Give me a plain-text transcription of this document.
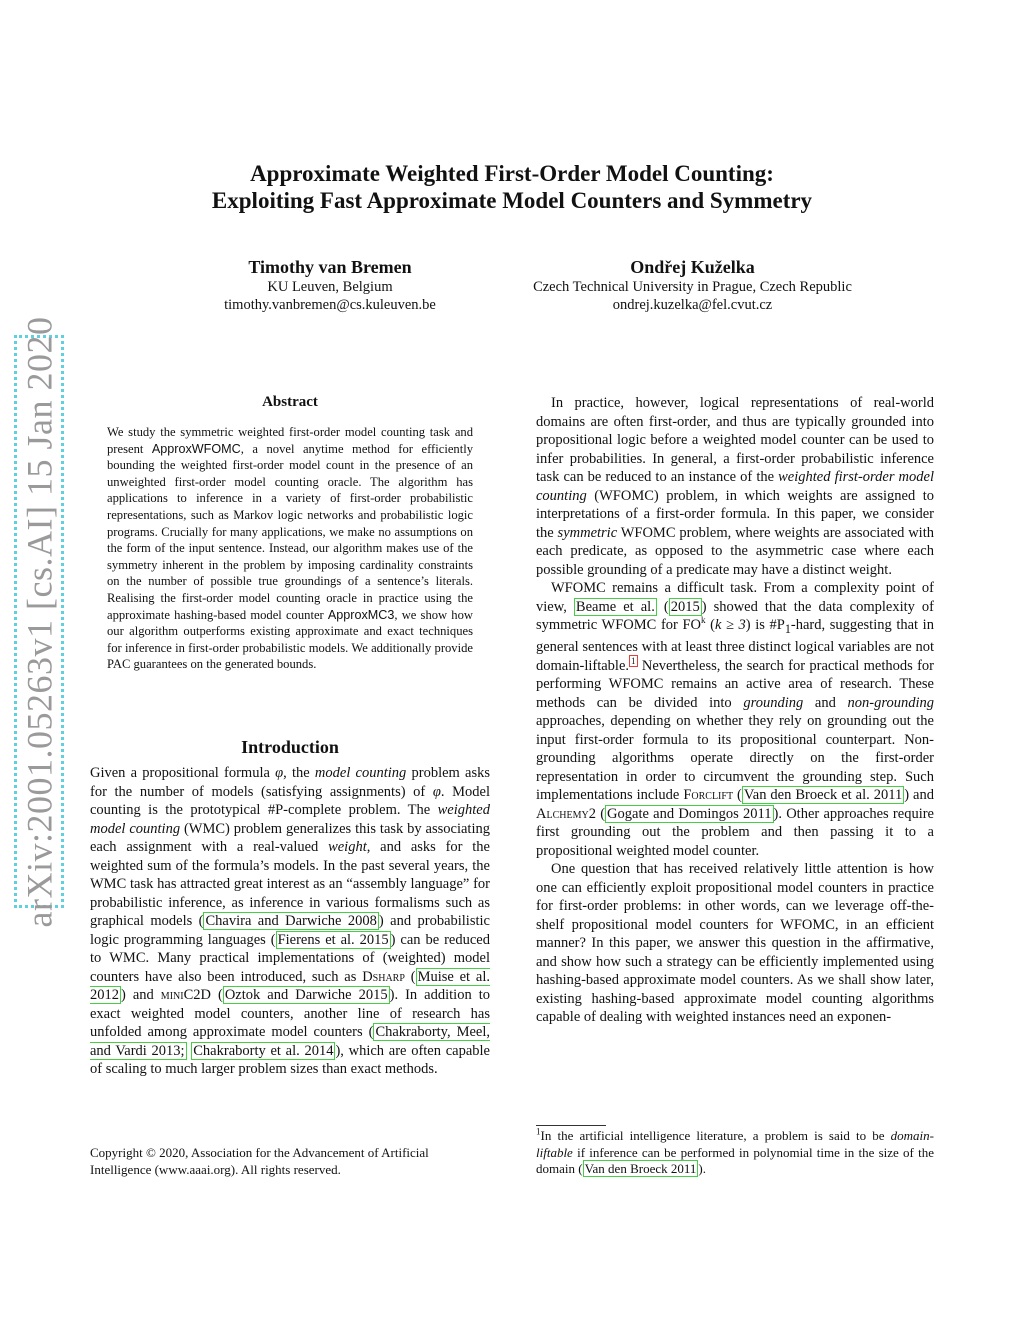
arXiv:2001.05263v1 [cs.AI] 15 Jan 2020
Approximate Weighted First-Order Model Counting:
Exploiting Fast Approximate Model Counters and Symmetry
Timothy van Bremen
KU Leuven, Belgium
timothy.vanbremen@cs.kuleuven.be
Ondřej Kuželka
Czech Technical University in Prague, Czech Republic
ondrej.kuzelka@fel.cvut.cz
Abstract
We study the symmetric weighted first-order model counting task and present ApproxWFOMC, a novel anytime method for efficiently bounding the weighted first-order model count in the presence of an unweighted first-order model counting oracle. The algorithm has applications to inference in a variety of first-order probabilistic representations, such as Markov logic networks and probabilistic logic programs. Crucially for many applications, we make no assumptions on the form of the input sentence. Instead, our algorithm makes use of the symmetry inherent in the problem by imposing cardinality constraints on the number of possible true groundings of a sentence’s literals. Realising the first-order model counting oracle in practice using the approximate hashing-based model counter ApproxMC3, we show how our algorithm outperforms existing approximate and exact techniques for inference in first-order probabilistic models. We additionally provide PAC guarantees on the generated bounds.
Introduction

Given a propositional formula φ, the model counting problem asks for the number of models (satisfying assignments) of φ. Model counting is the prototypical #P-complete problem. The weighted model counting (WMC) problem generalizes this task by associating each assignment with a real-valued weight, and asks for the weighted sum of the formula’s models. In the past several years, the WMC task has attracted great interest as an “assembly language” for probabilistic inference, as inference in various formalisms such as graphical models ( Chavira and Darwiche 2008 ) and probabilistic logic programming languages ( Fierens et al. 2015 ) can be reduced to WMC. Many practical implementations of (weighted) model counters have also been introduced, such as Dsharp ( Muise et al. 2012 ) and miniC2D ( Oztok and Darwiche 2015 ). In addition to exact weighted model counters, another line of research has unfolded among approximate model counters ( Chakraborty, Meel, and Vardi 2013; Chakraborty et al. 2014 ), which are often capable of scaling to much larger problem sizes than exact methods.

Copyright © 2020, Association for the Advancement of Artificial Intelligence (www.aaai.org). All rights reserved.

In practice, however, logical representations of real-world domains are often first-order, and thus are typically grounded into propositional logic before a weighted model counter can be used to infer probabilities. In general, a first-order probabilistic inference task can be reduced to an instance of the weighted first-order model counting (WFOMC) problem, in which weights are assigned to interpretations of a first-order formula. In this paper, we consider the symmetric WFOMC problem, where weights are associated with each predicate, as opposed to the asymmetric case where each possible grounding of a predicate may have a distinct weight.

WFOMC remains a difficult task. From a complexity point of view, Beame et al. ( 2015 ) showed that the data complexity of symmetric WFOMC for $FO^k$ (k ≥ 3) is $\#P_1$-hard, suggesting that in general sentences with at least three distinct logical variables are not domain-liftable. $^1$ Nevertheless, the search for practical methods for performing WFOMC remains an active area of research. These methods can be divided into grounding and non-grounding approaches, depending on whether they rely on grounding out the input first-order formula to its propositional counterpart. Non-grounding algorithms operate directly on the first-order representation in order to circumvent the grounding step. Such implementations include Forclift ( Van den Broeck et al. 2011 ) and Alchemy2 ( Gogate and Domingos 2011 ). Other approaches require first grounding out the problem and then passing it to a propositional weighted model counter.

One question that has received relatively little attention is how one can efficiently exploit propositional model counters in practice for first-order problems: in other words, can we leverage off-the-shelf propositional model counters for WFOMC, in an efficient manner? In this paper, we answer this question in the affirmative, and show how such a strategy can be efficiently implemented using hashing-based approximate model counters. As we shall show later, existing hashing-based approximate model counting algorithms capable of dealing with weighted instances need an exponen-

$^1$In the artificial intelligence literature, a problem is said to be domain-liftable if inference can be performed in polynomial time in the size of the domain ( Van den Broeck 2011 ).
